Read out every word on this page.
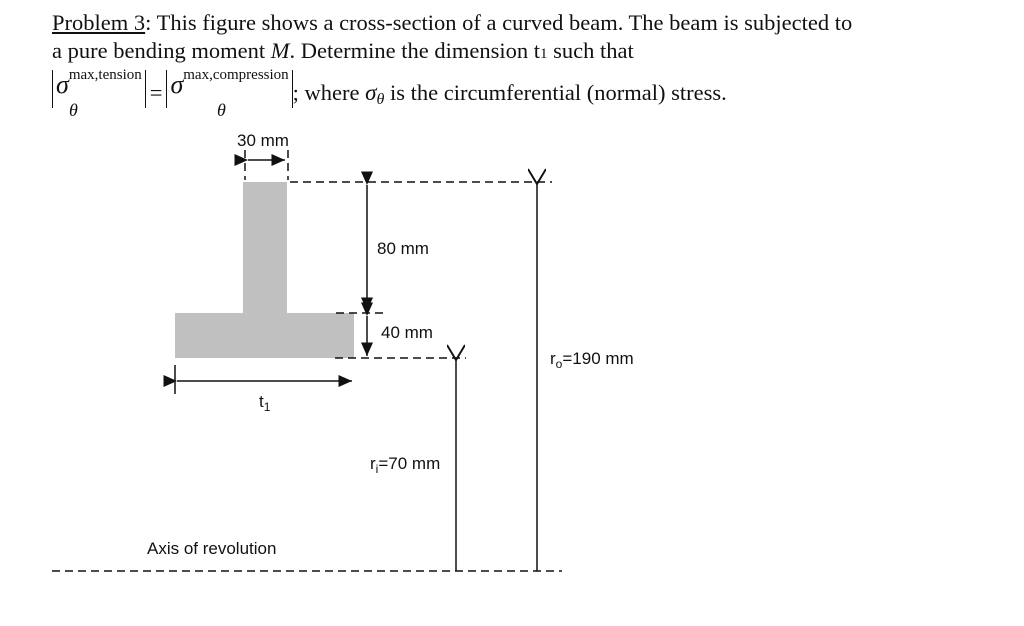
Problem 3: This figure shows a cross-section of a curved beam. The beam is subjected to
a pure bending moment M. Determine the dimension t1 such that
$\sigma^{max,tension}$
= $\sigma^{max,compression}$; where σθ is the circumferential (normal) stress.
θ	θ
30 mm
80 mm
40 mm
$r_o=190$ mm
$r_i=70$ mm
$t_1$
Axis of revolution
